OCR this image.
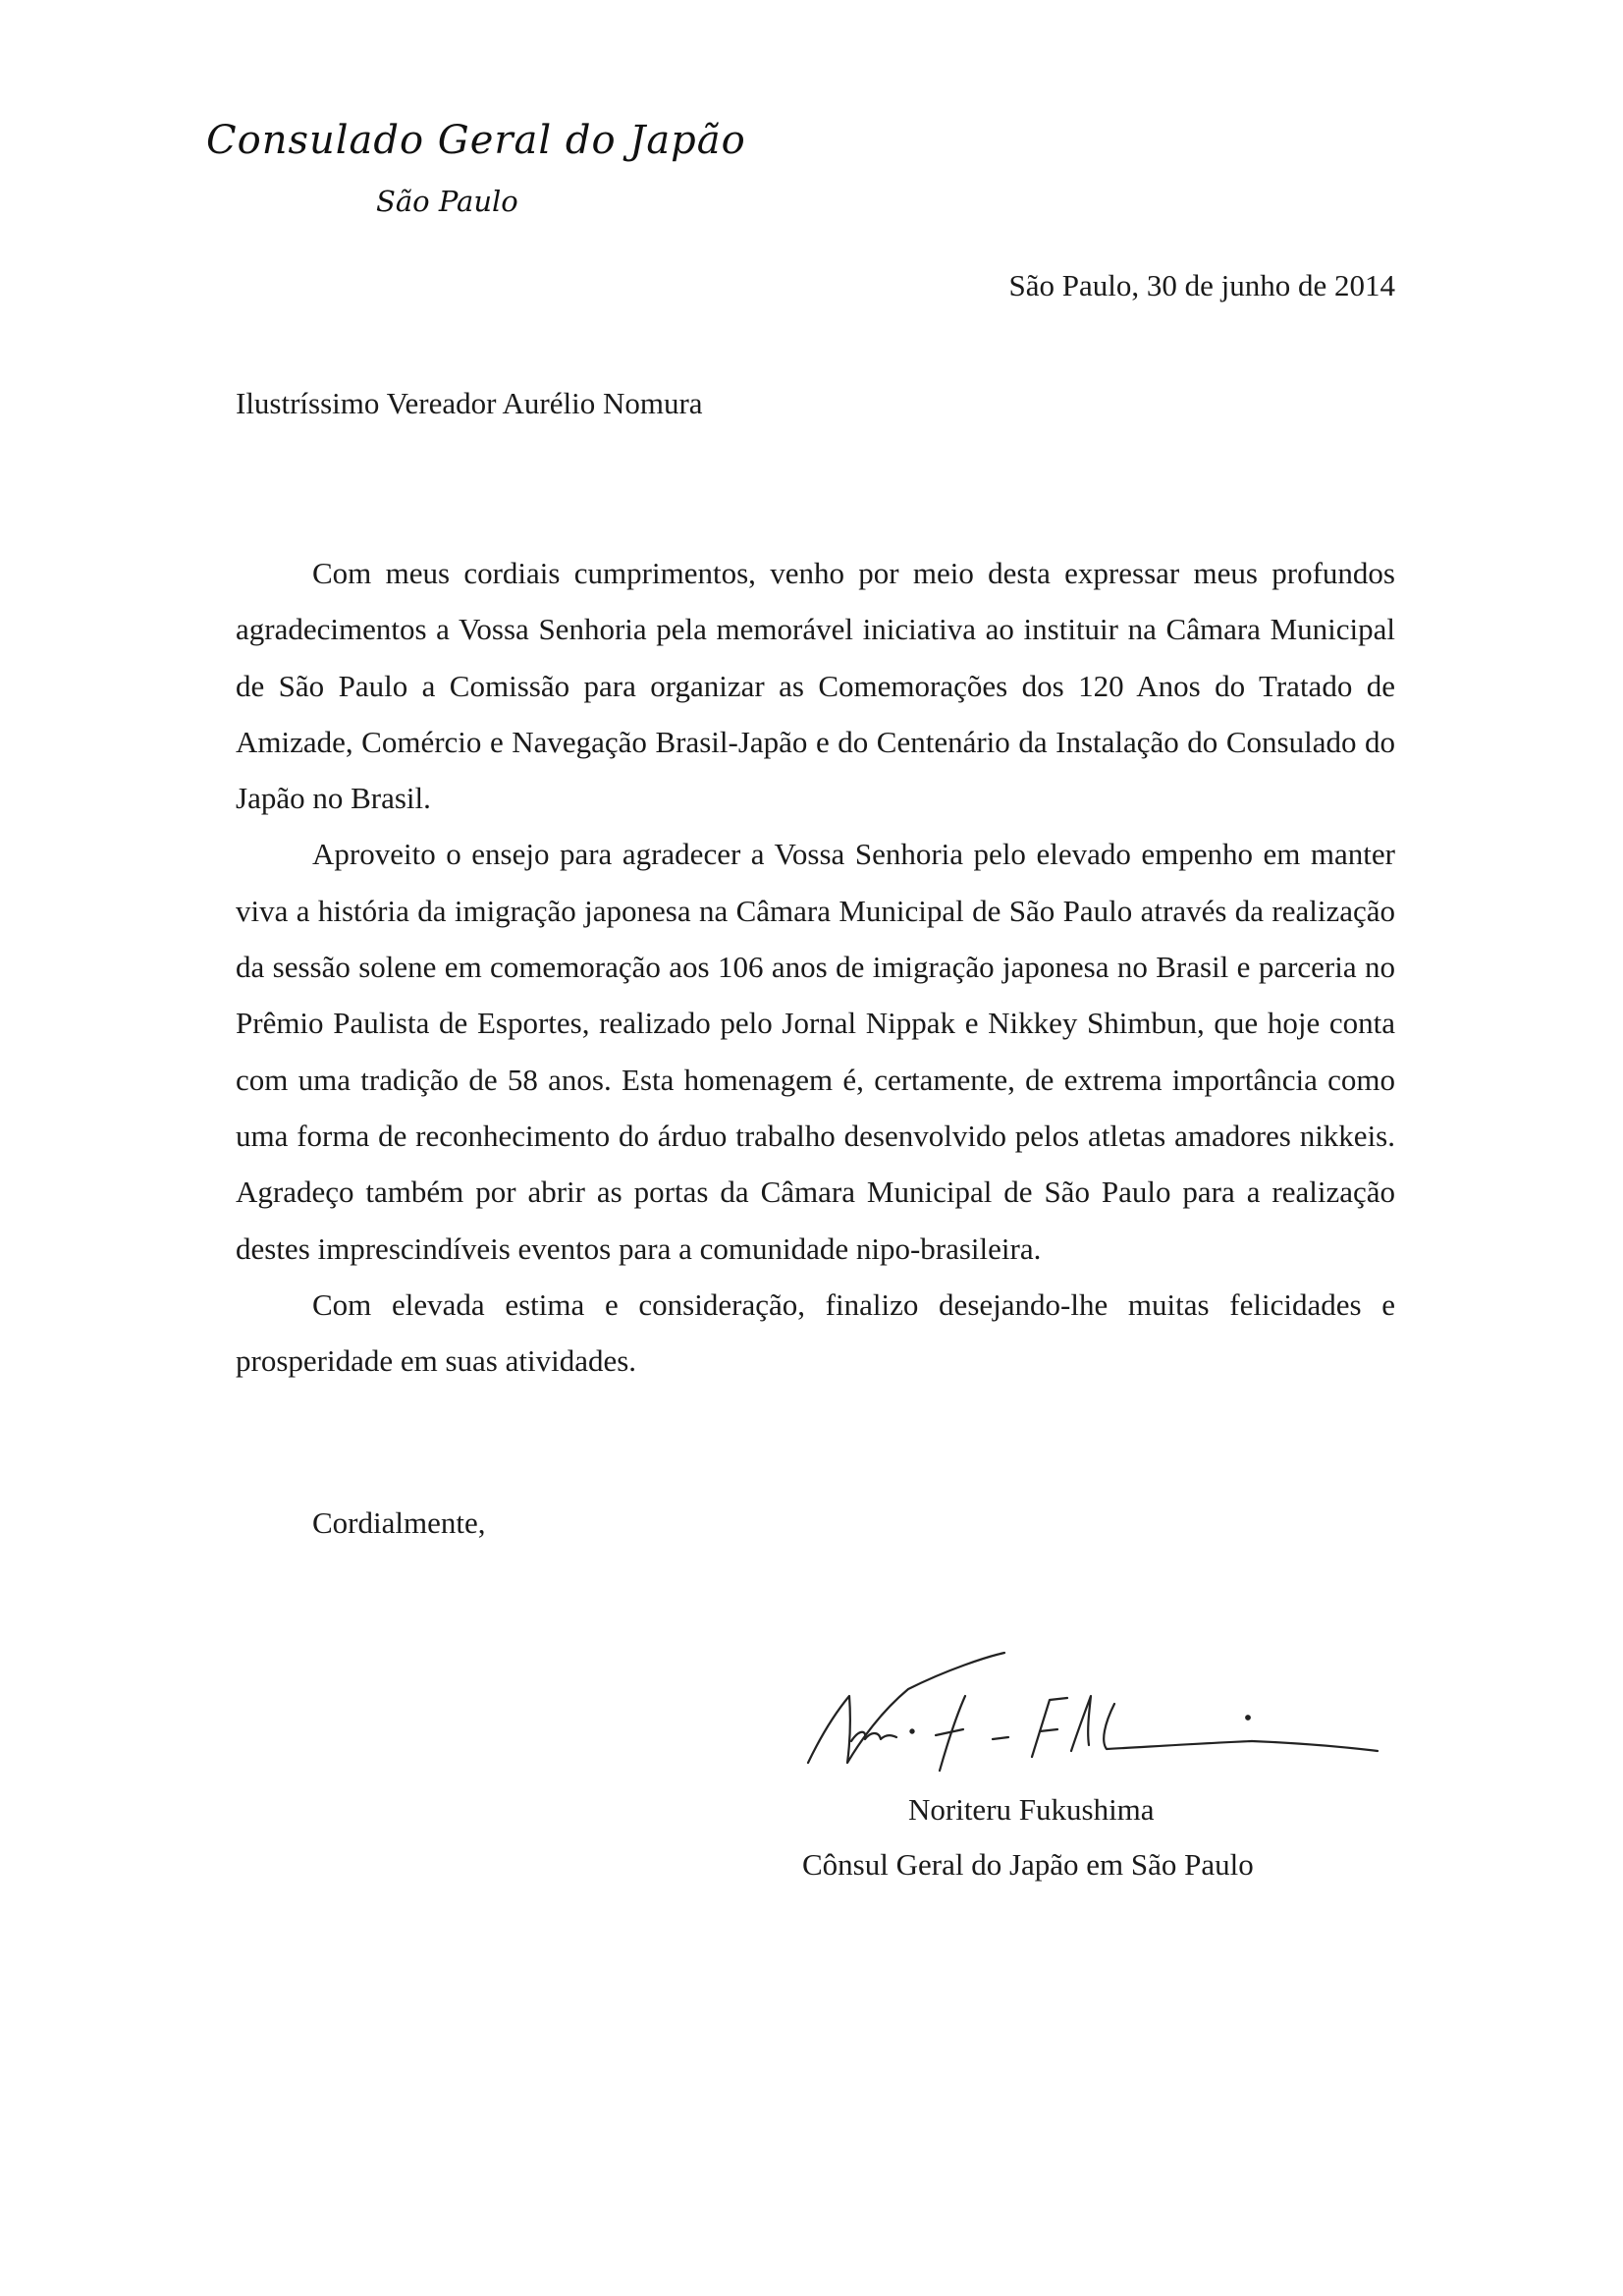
Consulado Geral do Japão
São Paulo
São Paulo, 30 de junho de 2014
Ilustríssimo Vereador Aurélio Nomura

Com meus cordiais cumprimentos, venho por meio desta expressar meus profundos agradecimentos a Vossa Senhoria pela memorável iniciativa ao instituir na Câmara Municipal de São Paulo a Comissão para organizar as Comemorações dos 120 Anos do Tratado de Amizade, Comércio e Navegação Brasil-Japão e do Centenário da Instalação do Consulado do Japão no Brasil.

Aproveito o ensejo para agradecer a Vossa Senhoria pelo elevado empenho em manter viva a história da imigração japonesa na Câmara Municipal de São Paulo através da realização da sessão solene em comemoração aos 106 anos de imigração japonesa no Brasil e parceria no Prêmio Paulista de Esportes, realizado pelo Jornal Nippak e Nikkey Shimbun, que hoje conta com uma tradição de 58 anos. Esta homenagem é, certamente, de extrema importância como uma forma de reconhecimento do árduo trabalho desenvolvido pelos atletas amadores nikkeis. Agradeço também por abrir as portas da Câmara Municipal de São Paulo para a realização destes imprescindíveis eventos para a comunidade nipo-brasileira.

Com elevada estima e consideração, finalizo desejando-lhe muitas felicidades e prosperidade em suas atividades.

Cordialmente,
Noriteru Fukushima
Cônsul Geral do Japão em São Paulo
